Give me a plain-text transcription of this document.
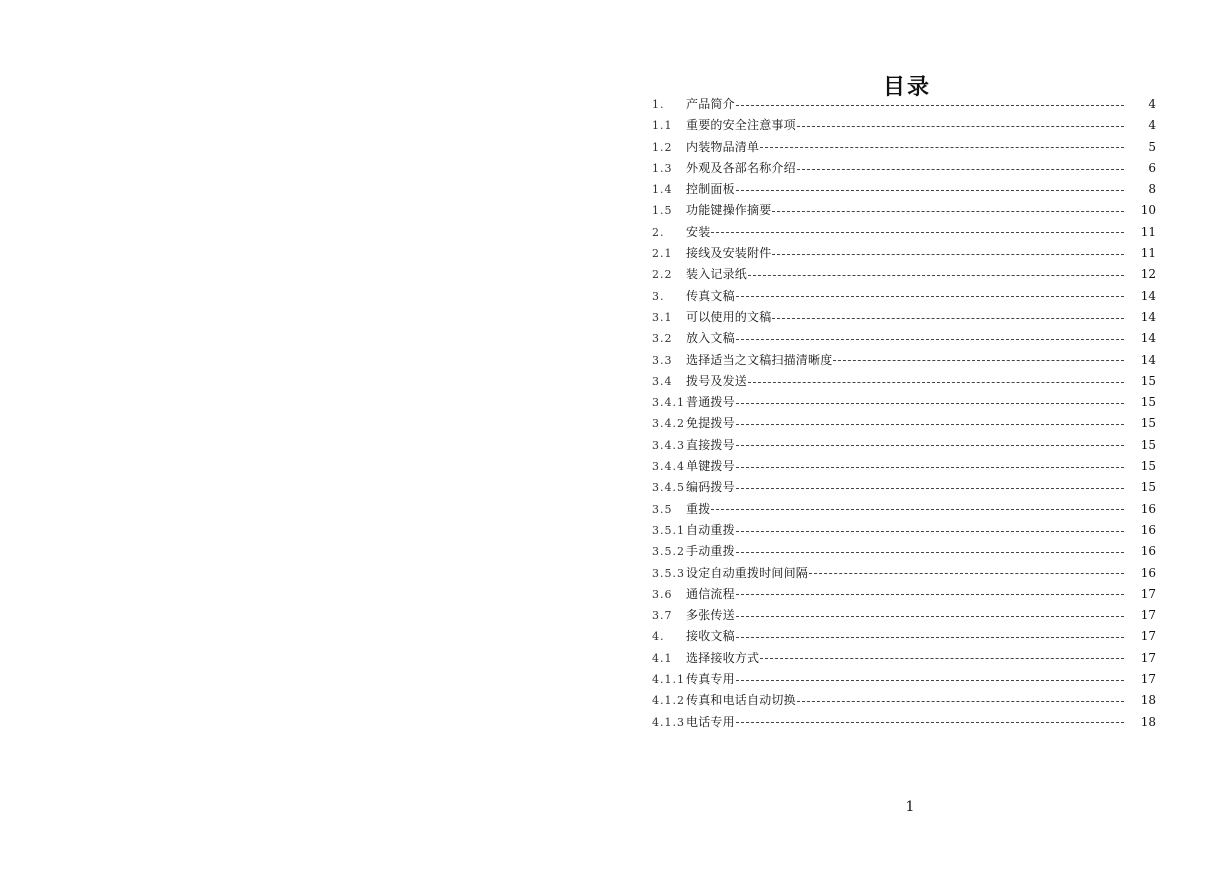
目录
1.	产品简介	4
1.1	重要的安全注意事项	4
1.2	内装物品清单	5
1.3	外观及各部名称介绍	6
1.4	控制面板	8
1.5	功能键操作摘要	10
2.	安装	11
2.1	接线及安装附件	11
2.2	装入记录纸	12
3.	传真文稿	14
3.1	可以使用的文稿	14
3.2	放入文稿	14
3.3	选择适当之文稿扫描清晰度	14
3.4	拨号及发送	15
3.4.1 普通拨号	15
3.4.2 免提拨号	15
3.4.3 直接拨号	15
3.4.4 单键拨号	15
3.4.5 编码拨号	15
3.5	重拨	16
3.5.1 自动重拨	16
3.5.2 手动重拨	16
3.5.3 设定自动重拨时间间隔	16
3.6	通信流程	17
3.7	多张传送	17
4.	接收文稿	17
4.1	选择接收方式	17
4.1.1 传真专用	17
4.1.2 传真和电话自动切换	18
4.1.3 电话专用	18
1
